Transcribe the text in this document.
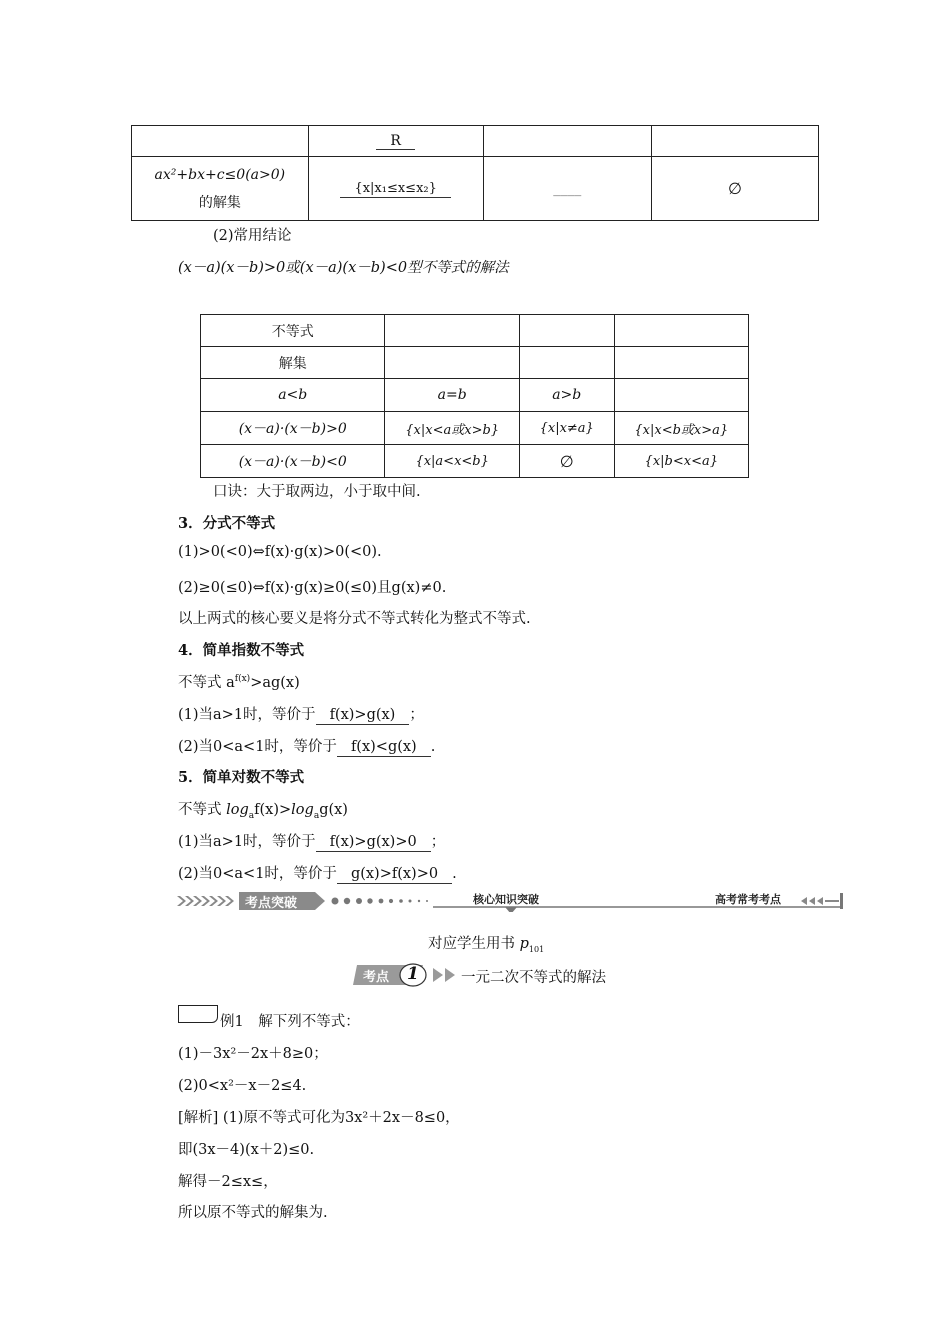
	R		

ax²+bx+c≤0(a>0)
的解集	{x|x₁≤x≤x₂}	____	∅
(2)常用结论
(x－a)(x－b)>0或(x－a)(x－b)<0型不等式的解法
不等式			
解集			
a<b	a=b	a>b	
(x－a)·(x－b)>0	{x|x<a或x>b}	{x|x≠a}	{x|x<b或x>a}
(x－a)·(x－b)<0	{x|a<x<b}	∅	{x|b<x<a}
口诀：大于取两边，小于取中间.
3．分式不等式
(1)>0(<0)⇔f(x)·g(x)>0(<0).
(2)≥0(≤0)⇔f(x)·g(x)≥0(≤0)且g(x)≠0.
以上两式的核心要义是将分式不等式转化为整式不等式.
4．简单指数不等式
不等式 $a^{f(x)}>ag(x)$
(1)当a>1时，等价于 f(x)>g(x) ；
(2)当0<a<1时，等价于 f(x)<g(x) .
5．简单对数不等式
不等式 $\log_af(x)>\log_ag(x)$
(1)当a>1时，等价于 f(x)>g(x)>0 ；
(2)当0<a<1时，等价于 g(x)>f(x)>0 .
考点突破	核心知识突破	高考常考考点
对应学生用书 $p_{101}$
考点 1	一元二次不等式的解法
例1　解下列不等式：
(1)－3x²－2x＋8≥0；
(2)0<x²－x－2≤4.
[解析] (1)原不等式可化为3x²＋2x－8≤0，
即(3x－4)(x＋2)≤0.
解得－2≤x≤，
所以原不等式的解集为.
